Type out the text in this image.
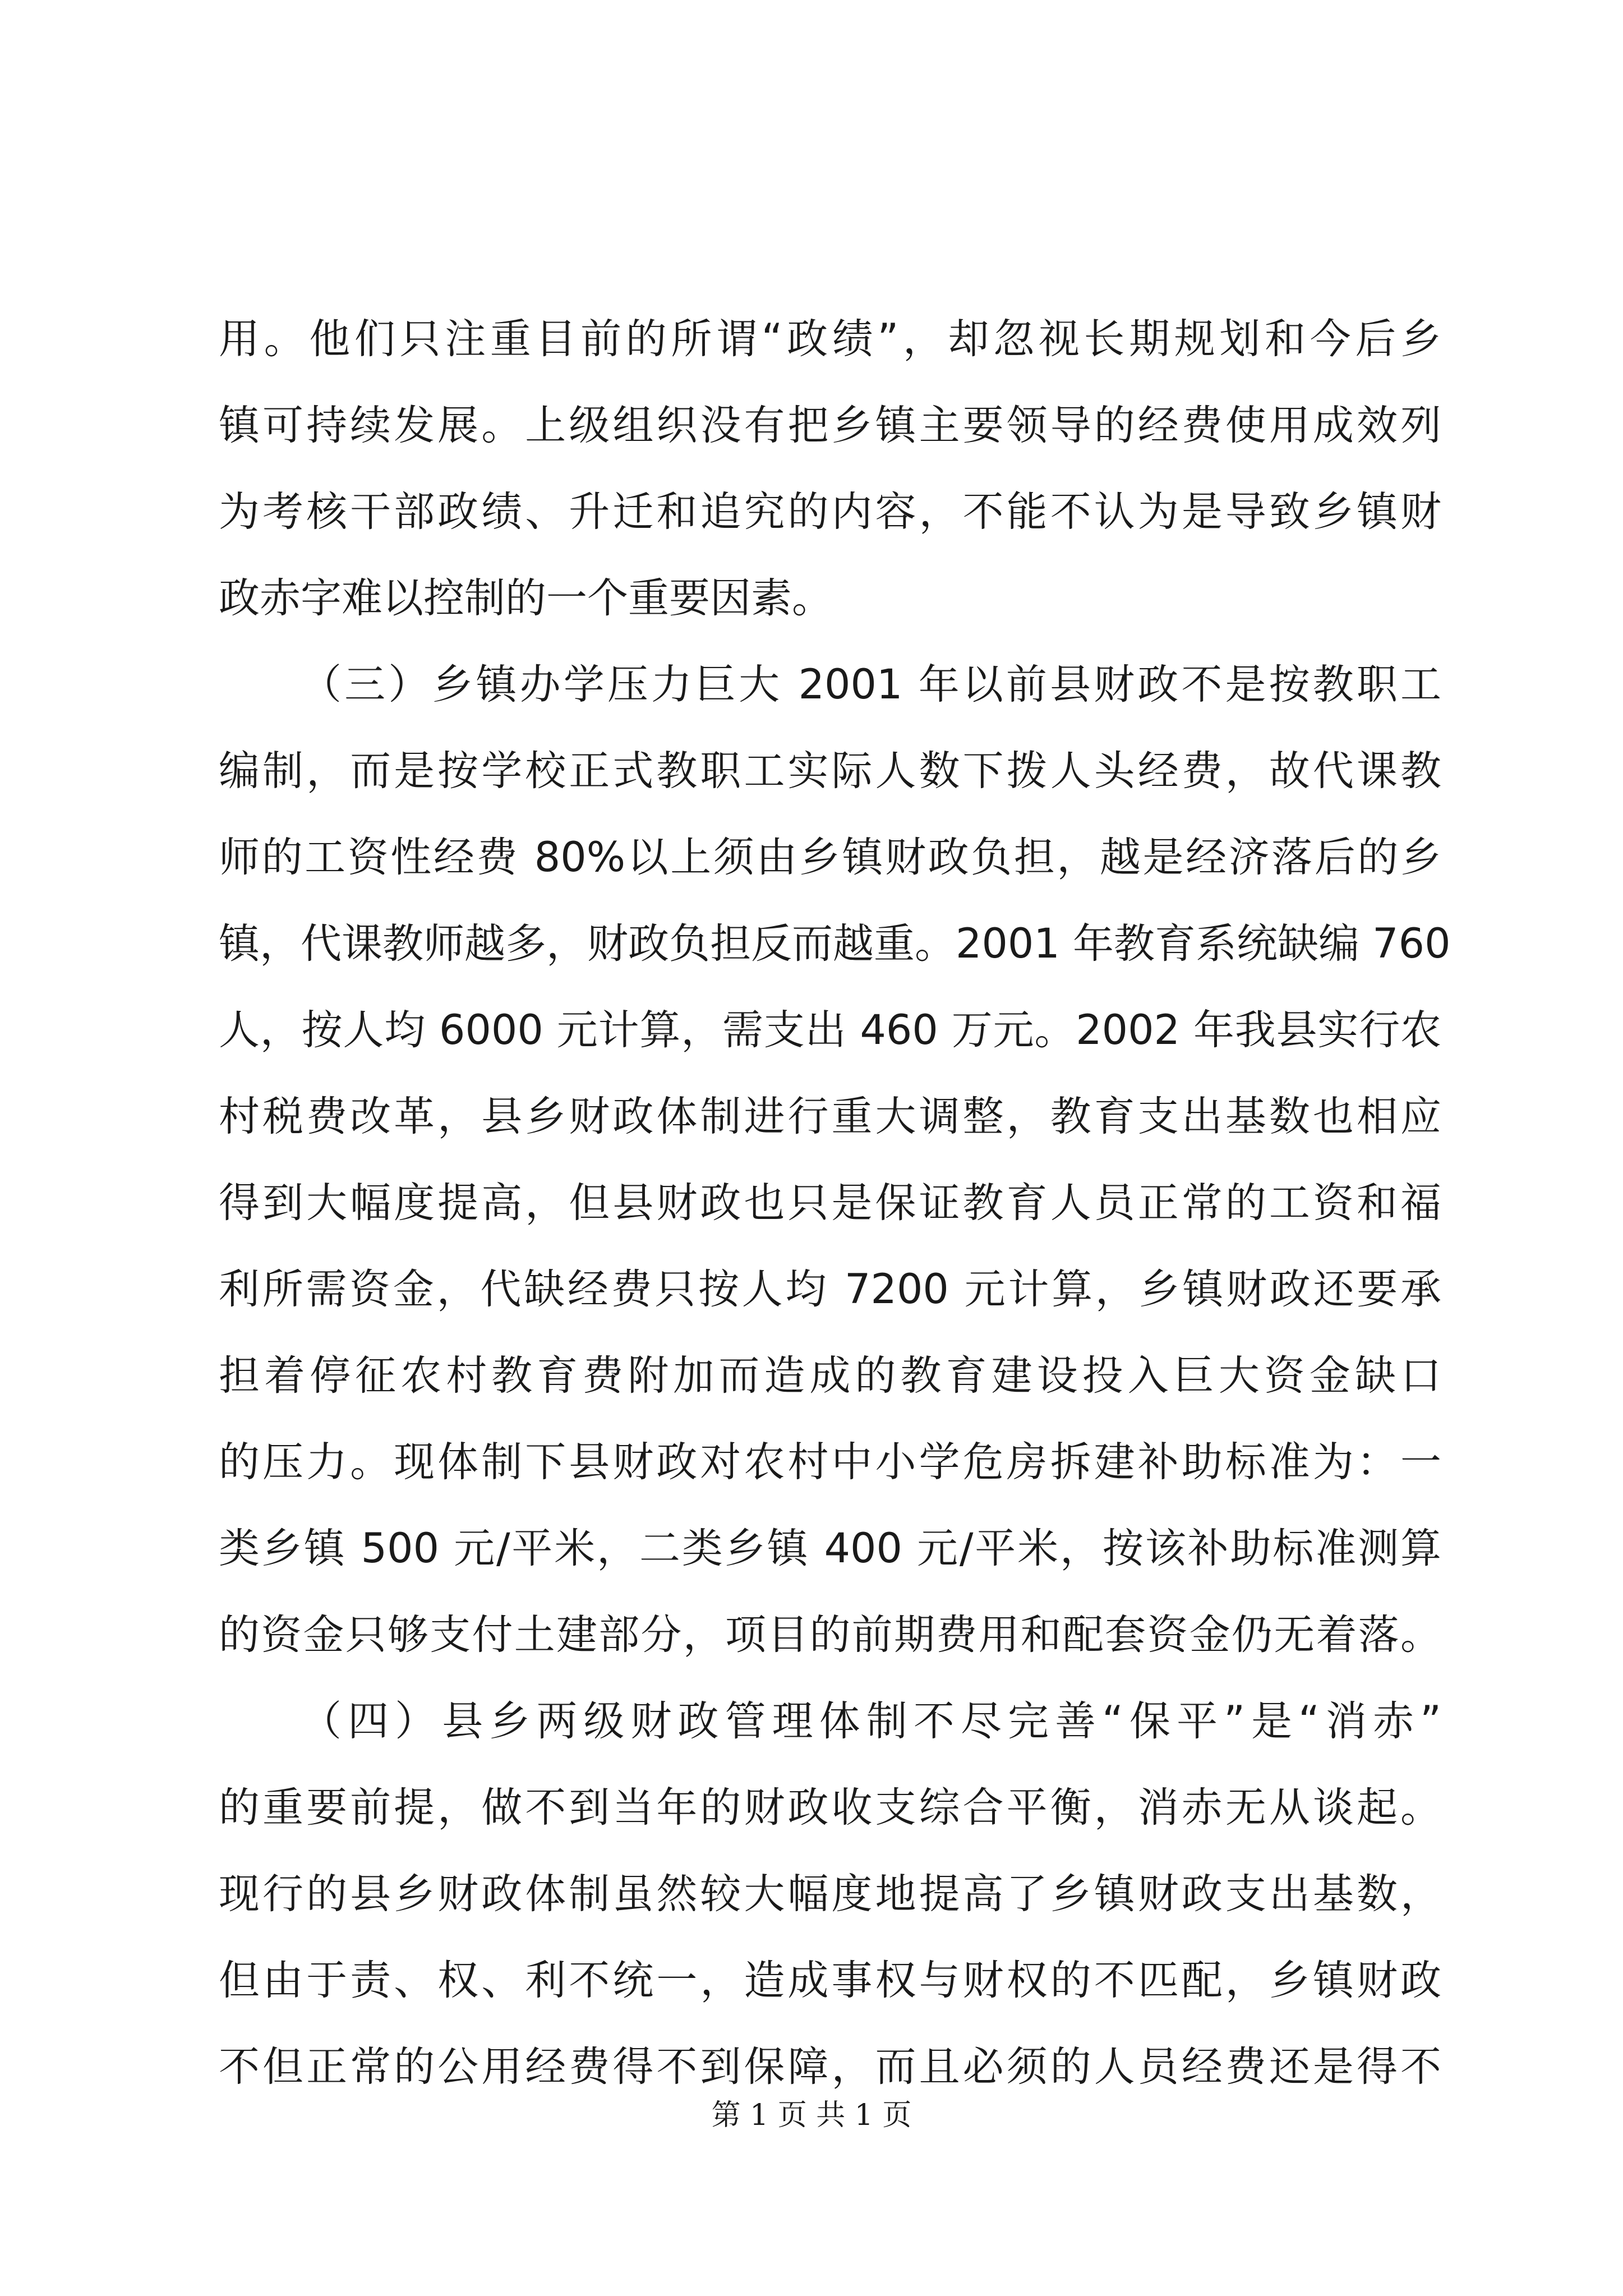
用。他们只注重目前的所谓“政绩”，却忽视长期规划和今后乡
镇可持续发展。上级组织没有把乡镇主要领导的经费使用成效列
为考核干部政绩、升迁和追究的内容，不能不认为是导致乡镇财
政赤字难以控制的一个重要因素。
（三）乡镇办学压力巨大 2001 年以前县财政不是按教职工
编制，而是按学校正式教职工实际人数下拨人头经费，故代课教
师的工资性经费 80%以上须由乡镇财政负担，越是经济落后的乡
镇，代课教师越多，财政负担反而越重。2001 年教育系统缺编 760
人，按人均 6000 元计算，需支出 460 万元。2002 年我县实行农
村税费改革，县乡财政体制进行重大调整，教育支出基数也相应
得到大幅度提高，但县财政也只是保证教育人员正常的工资和福
利所需资金，代缺经费只按人均 7200 元计算，乡镇财政还要承
担着停征农村教育费附加而造成的教育建设投入巨大资金缺口
的压力。现体制下县财政对农村中小学危房拆建补助标准为：一
类乡镇 500 元/平米，二类乡镇 400 元/平米，按该补助标准测算
的资金只够支付土建部分，项目的前期费用和配套资金仍无着落。
（四）县乡两级财政管理体制不尽完善“保平”是“消赤”
的重要前提，做不到当年的财政收支综合平衡，消赤无从谈起。
现行的县乡财政体制虽然较大幅度地提高了乡镇财政支出基数，
但由于责、权、利不统一，造成事权与财权的不匹配，乡镇财政
不但正常的公用经费得不到保障，而且必须的人员经费还是得不
第 1 页 共 1 页
